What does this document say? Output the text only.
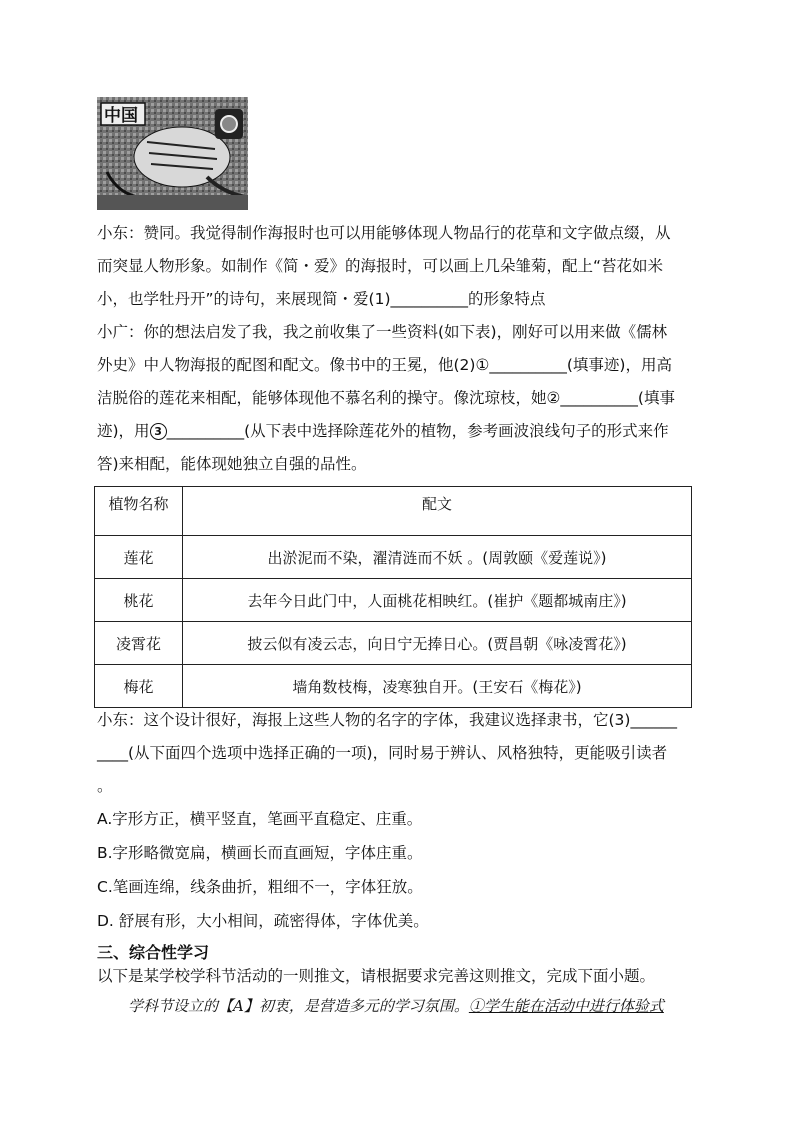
中国
小东：赞同。我觉得制作海报时也可以用能够体现人物品行的花草和文字做点缀，从
而突显人物形象。如制作《简・爱》的海报时，可以画上几朵雏菊，配上“苔花如米
小，也学牡丹开”的诗句，来展现简・爱(1)__________的形象特点
小广：你的想法启发了我，我之前收集了一些资料(如下表)，刚好可以用来做《儒林
外史》中人物海报的配图和配文。像书中的王冕，他(2)①__________(填事迹)，用高
洁脱俗的莲花来相配，能够体现他不慕名利的操守。像沈琼枝，她②__________(填事
迹)，用 3 __________(从下表中选择除莲花外的植物，参考画波浪线句子的形式来作
答)来相配，能体现她独立自强的品性。
植物名称	配文
莲花	出淤泥而不染，濯清涟而不妖 。(周敦颐《爱莲说》)
桃花	去年今日此门中，人面桃花相映红。(崔护《题都城南庄》)
凌霄花	披云似有凌云志，向日宁无捧日心。(贾昌朝《咏凌霄花》)
梅花	墙角数枝梅，凌寒独自开。(王安石《梅花》)
小东：这个设计很好，海报上这些人物的名字的字体，我建议选择隶书，它(3)______
____(从下面四个选项中选择正确的一项)，同时易于辨认、风格独特，更能吸引读者
。
A.字形方正，横平竖直，笔画平直稳定、庄重。
B.字形略微宽扁，横画长而直画短，字体庄重。
C.笔画连绵，线条曲折，粗细不一，字体狂放。
D. 舒展有形，大小相间，疏密得体，字体优美。
三、综合性学习
以下是某学校学科节活动的一则推文，请根据要求完善这则推文，完成下面小题。
学科节设立的【A】初衷，是营造多元的学习氛围。①学生能在活动中进行体验式
